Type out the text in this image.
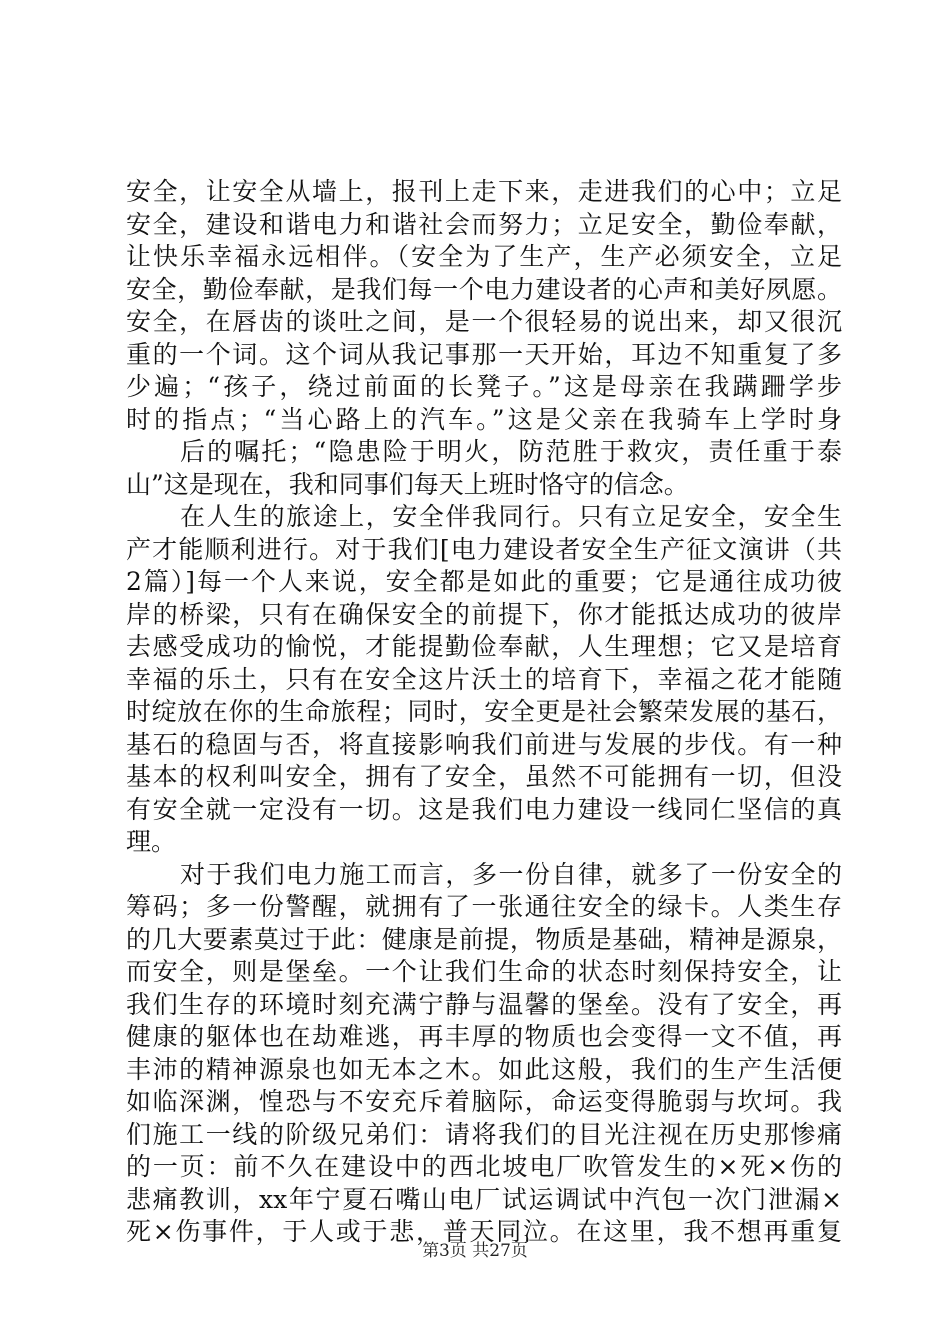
安全，让安全从墙上，报刊上走下来，走进我们的心中；立足
安全，建设和谐电力和谐社会而努力；立足安全，勤俭奉献，
让快乐幸福永远相伴。（安全为了生产，生产必须安全，立足
安全，勤俭奉献，是我们每一个电力建设者的心声和美好夙愿。
安全，在唇齿的谈吐之间，是一个很轻易的说出来，却又很沉
重的一个词。这个词从我记事那一天开始，耳边不知重复了多
少遍；“孩子，绕过前面的长凳子。”这是母亲在我蹒跚学步
时的指点；“当心路上的汽车。”这是父亲在我骑车上学时身
后的嘱托；“隐患险于明火，防范胜于救灾，责任重于泰
山”这是现在，我和同事们每天上班时恪守的信念。
在人生的旅途上，安全伴我同行。只有立足安全，安全生
产才能顺利进行。对于我们[电力建设者安全生产征文演讲（共
2篇）]每一个人来说，安全都是如此的重要；它是通往成功彼
岸的桥梁，只有在确保安全的前提下，你才能抵达成功的彼岸
去感受成功的愉悦，才能提勤俭奉献，人生理想；它又是培育
幸福的乐土，只有在安全这片沃土的培育下，幸福之花才能随
时绽放在你的生命旅程；同时，安全更是社会繁荣发展的基石，
基石的稳固与否，将直接影响我们前进与发展的步伐。有一种
基本的权利叫安全，拥有了安全，虽然不可能拥有一切，但没
有安全就一定没有一切。这是我们电力建设一线同仁坚信的真
理。
对于我们电力施工而言，多一份自律，就多了一份安全的
筹码；多一份警醒，就拥有了一张通往安全的绿卡。人类生存
的几大要素莫过于此：健康是前提，物质是基础，精神是源泉，
而安全，则是堡垒。一个让我们生命的状态时刻保持安全，让
我们生存的环境时刻充满宁静与温馨的堡垒。没有了安全，再
健康的躯体也在劫难逃，再丰厚的物质也会变得一文不值，再
丰沛的精神源泉也如无本之木。如此这般，我们的生产生活便
如临深渊，惶恐与不安充斥着脑际，命运变得脆弱与坎坷。我
们施工一线的阶级兄弟们：请将我们的目光注视在历史那惨痛
的一页：前不久在建设中的西北坡电厂吹管发生的×死×伤的
悲痛教训，xx年宁夏石嘴山电厂试运调试中汽包一次门泄漏×
死×伤事件，于人或于悲，普天同泣。在这里，我不想再重复
第3页 共27页
